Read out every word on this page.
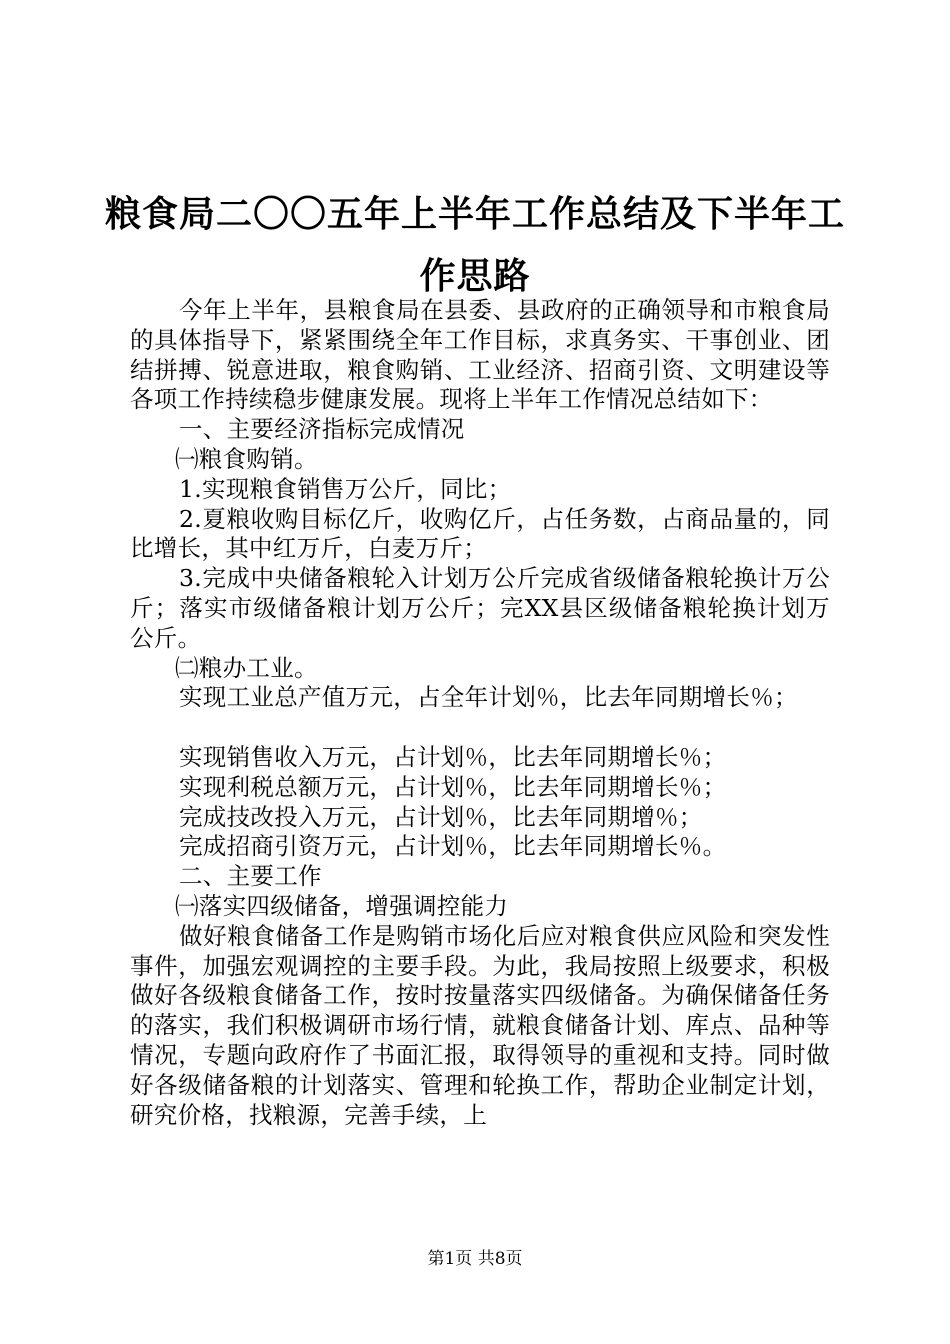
粮食局二〇〇五年上半年工作总结及下半年工
作思路

今年上半年，县粮食局在县委、县政府的正确领导和市粮食局的具体指导下，紧紧围绕全年工作目标，求真务实、干事创业、团结拼搏、锐意进取，粮食购销、工业经济、招商引资、文明建设等各项工作持续稳步健康发展。现将上半年工作情况总结如下：

一、主要经济指标完成情况

㈠粮食购销。

1.实现粮食销售万公斤，同比；

2.夏粮收购目标亿斤，收购亿斤，占任务数，占商品量的，同比增长，其中红万斤，白麦万斤；

3.完成中央储备粮轮入计划万公斤完成省级储备粮轮换计万公斤；落实市级储备粮计划万公斤；完XX县区级储备粮轮换计划万公斤。

㈡粮办工业。

实现工业总产值万元，占全年计划％，比去年同期增长％；

实现销售收入万元，占计划％，比去年同期增长％；

实现利税总额万元，占计划％，比去年同期增长％；

完成技改投入万元，占计划％，比去年同期增％；

完成招商引资万元，占计划％，比去年同期增长％。

二、主要工作

㈠落实四级储备，增强调控能力

做好粮食储备工作是购销市场化后应对粮食供应风险和突发性事件，加强宏观调控的主要手段。为此，我局按照上级要求，积极做好各级粮食储备工作，按时按量落实四级储备。为确保储备任务的落实，我们积极调研市场行情，就粮食储备计划、库点、品种等情况，专题向政府作了书面汇报，取得领导的重视和支持。同时做好各级储备粮的计划落实、管理和轮换工作，帮助企业制定计划，研究价格，找粮源，完善手续，上

第1页 共8页
